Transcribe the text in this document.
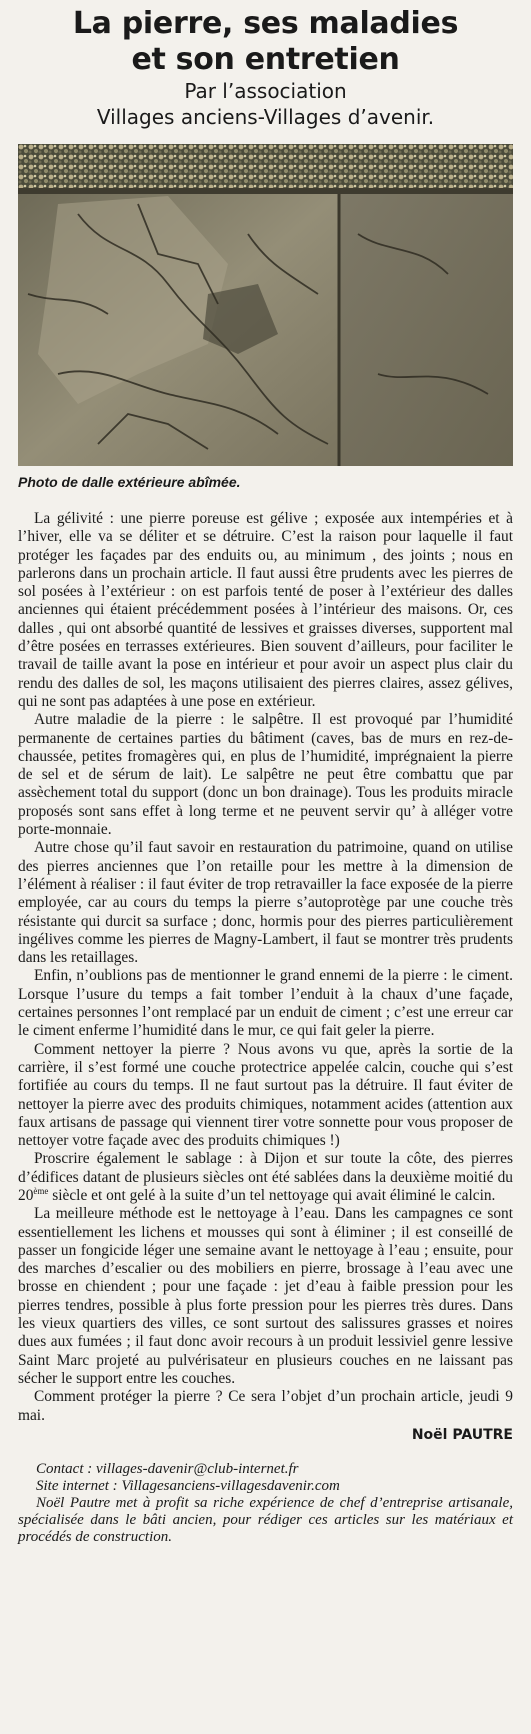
La pierre, ses maladies
et son entretien
Par l’association
Villages anciens-Villages d’avenir.
Photo de dalle extérieure abîmée.

La gélivité : une pierre poreuse est gélive ; exposée aux intempéries et à l’hiver, elle va se déliter et se détruire. C’est la raison pour laquelle il faut protéger les façades par des enduits ou, au minimum , des joints ; nous en parlerons dans un prochain article. Il faut aussi être prudents avec les pierres de sol posées à l’extérieur : on est parfois tenté de poser à l’extérieur des dalles anciennes qui étaient précédemment posées à l’intérieur des maisons. Or, ces dalles , qui ont absorbé quantité de lessives et graisses diverses, supportent mal d’être posées en terrasses extérieures. Bien souvent d’ailleurs, pour faciliter le travail de taille avant la pose en intérieur et pour avoir un aspect plus clair du rendu des dalles de sol, les maçons utilisaient des pierres claires, assez gélives, qui ne sont pas adaptées à une pose en extérieur.

Autre maladie de la pierre : le salpêtre. Il est provoqué par l’humidité permanente de certaines parties du bâtiment (caves, bas de murs en rez-de-chaussée, petites fromagères qui, en plus de l’humidité, imprégnaient la pierre de sel et de sérum de lait). Le salpêtre ne peut être combattu que par assèchement total du support (donc un bon drainage). Tous les produits miracle proposés sont sans effet à long terme et ne peuvent servir qu’ à alléger votre porte-monnaie.

Autre chose qu’il faut savoir en restauration du patrimoine, quand on utilise des pierres anciennes que l’on retaille pour les mettre à la dimension de l’élément à réaliser : il faut éviter de trop retravailler la face exposée de la pierre employée, car au cours du temps la pierre s’autoprotège par une couche très résistante qui durcit sa surface ; donc, hormis pour des pierres particulièrement ingélives comme les pierres de Magny-Lambert, il faut se montrer très prudents dans les retaillages.

Enfin, n’oublions pas de mentionner le grand ennemi de la pierre : le ciment. Lorsque l’usure du temps a fait tomber l’enduit à la chaux d’une façade, certaines personnes l’ont remplacé par un enduit de ciment ; c’est une erreur car le ciment enferme l’humidité dans le mur, ce qui fait geler la pierre.

Comment nettoyer la pierre ? Nous avons vu que, après la sortie de la carrière, il s’est formé une couche protectrice appelée calcin, couche qui s’est fortifiée au cours du temps. Il ne faut surtout pas la détruire. Il faut éviter de nettoyer la pierre avec des produits chimiques, notamment acides (attention aux faux artisans de passage qui viennent tirer votre sonnette pour vous proposer de nettoyer votre façade avec des produits chimiques !)

Proscrire également le sablage : à Dijon et sur toute la côte, des pierres d’édifices datant de plusieurs siècles ont été sablées dans la deuxième moitié du 20ème siècle et ont gelé à la suite d’un tel nettoyage qui avait éliminé le calcin.

La meilleure méthode est le nettoyage à l’eau. Dans les campagnes ce sont essentiellement les lichens et mousses qui sont à éliminer ; il est conseillé de passer un fongicide léger une semaine avant le nettoyage à l’eau ; ensuite, pour des marches d’escalier ou des mobiliers en pierre, brossage à l’eau avec une brosse en chiendent ; pour une façade : jet d’eau à faible pression pour les pierres tendres, possible à plus forte pression pour les pierres très dures. Dans les vieux quartiers des villes, ce sont surtout des salissures grasses et noires dues aux fumées ; il faut donc avoir recours à un produit lessiviel genre lessive Saint Marc projeté au pulvérisateur en plusieurs couches en ne laissant pas sécher le support entre les couches.

Comment protéger la pierre ? Ce sera l’objet d’un prochain article, jeudi 9 mai.

Noël PAUTRE
Contact : villages-davenir@club-internet.fr
Site internet : Villagesanciens-villagesdavenir.com
Noël Pautre met à profit sa riche expérience de chef d’entreprise artisanale, spécialisée dans le bâti ancien, pour rédiger ces articles sur les matériaux et procédés de construction.
